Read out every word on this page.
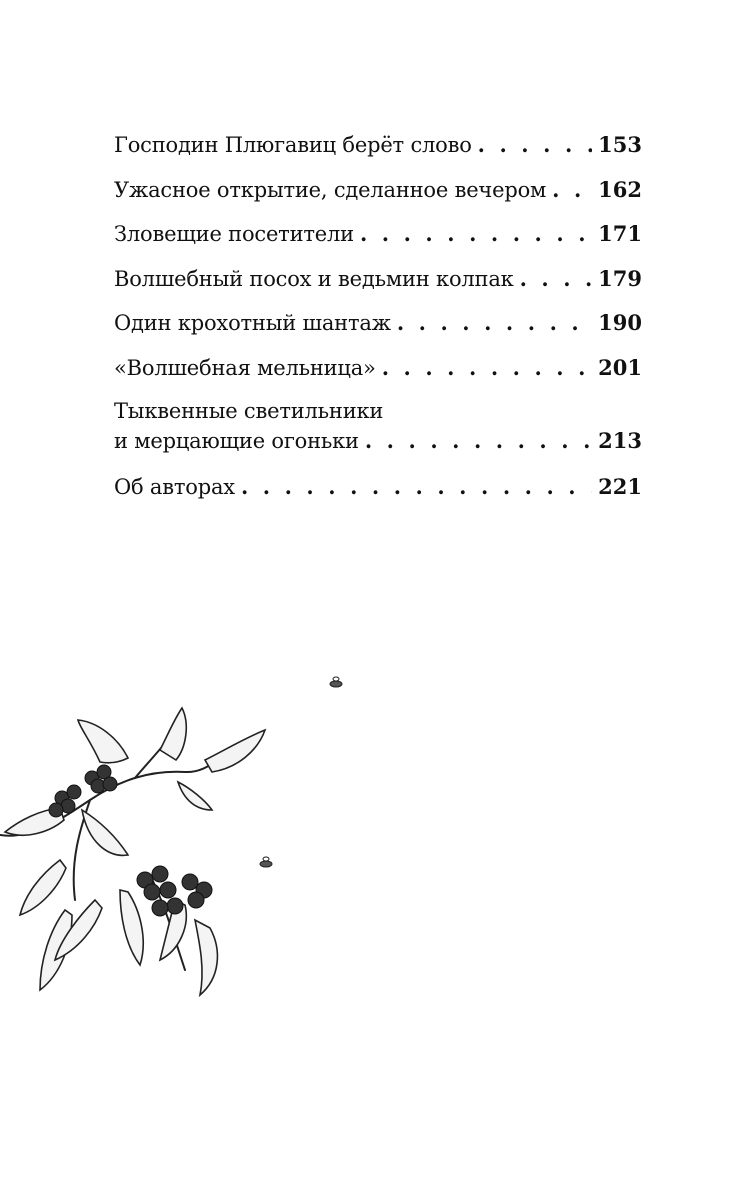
Господин Плюгавиц берёт слово . . .	153
Ужасное открытие, сделанное вечером . . . 162
Зловещие посетители . . .	171
Волшебный посох и ведьмин колпак . . .	179
Один крохотный шантаж . . .	190
«Волшебная мельница» . . .	201
Тыквенные светильники
и мерцающие огоньки . . .	213
Об авторах . . .	221
